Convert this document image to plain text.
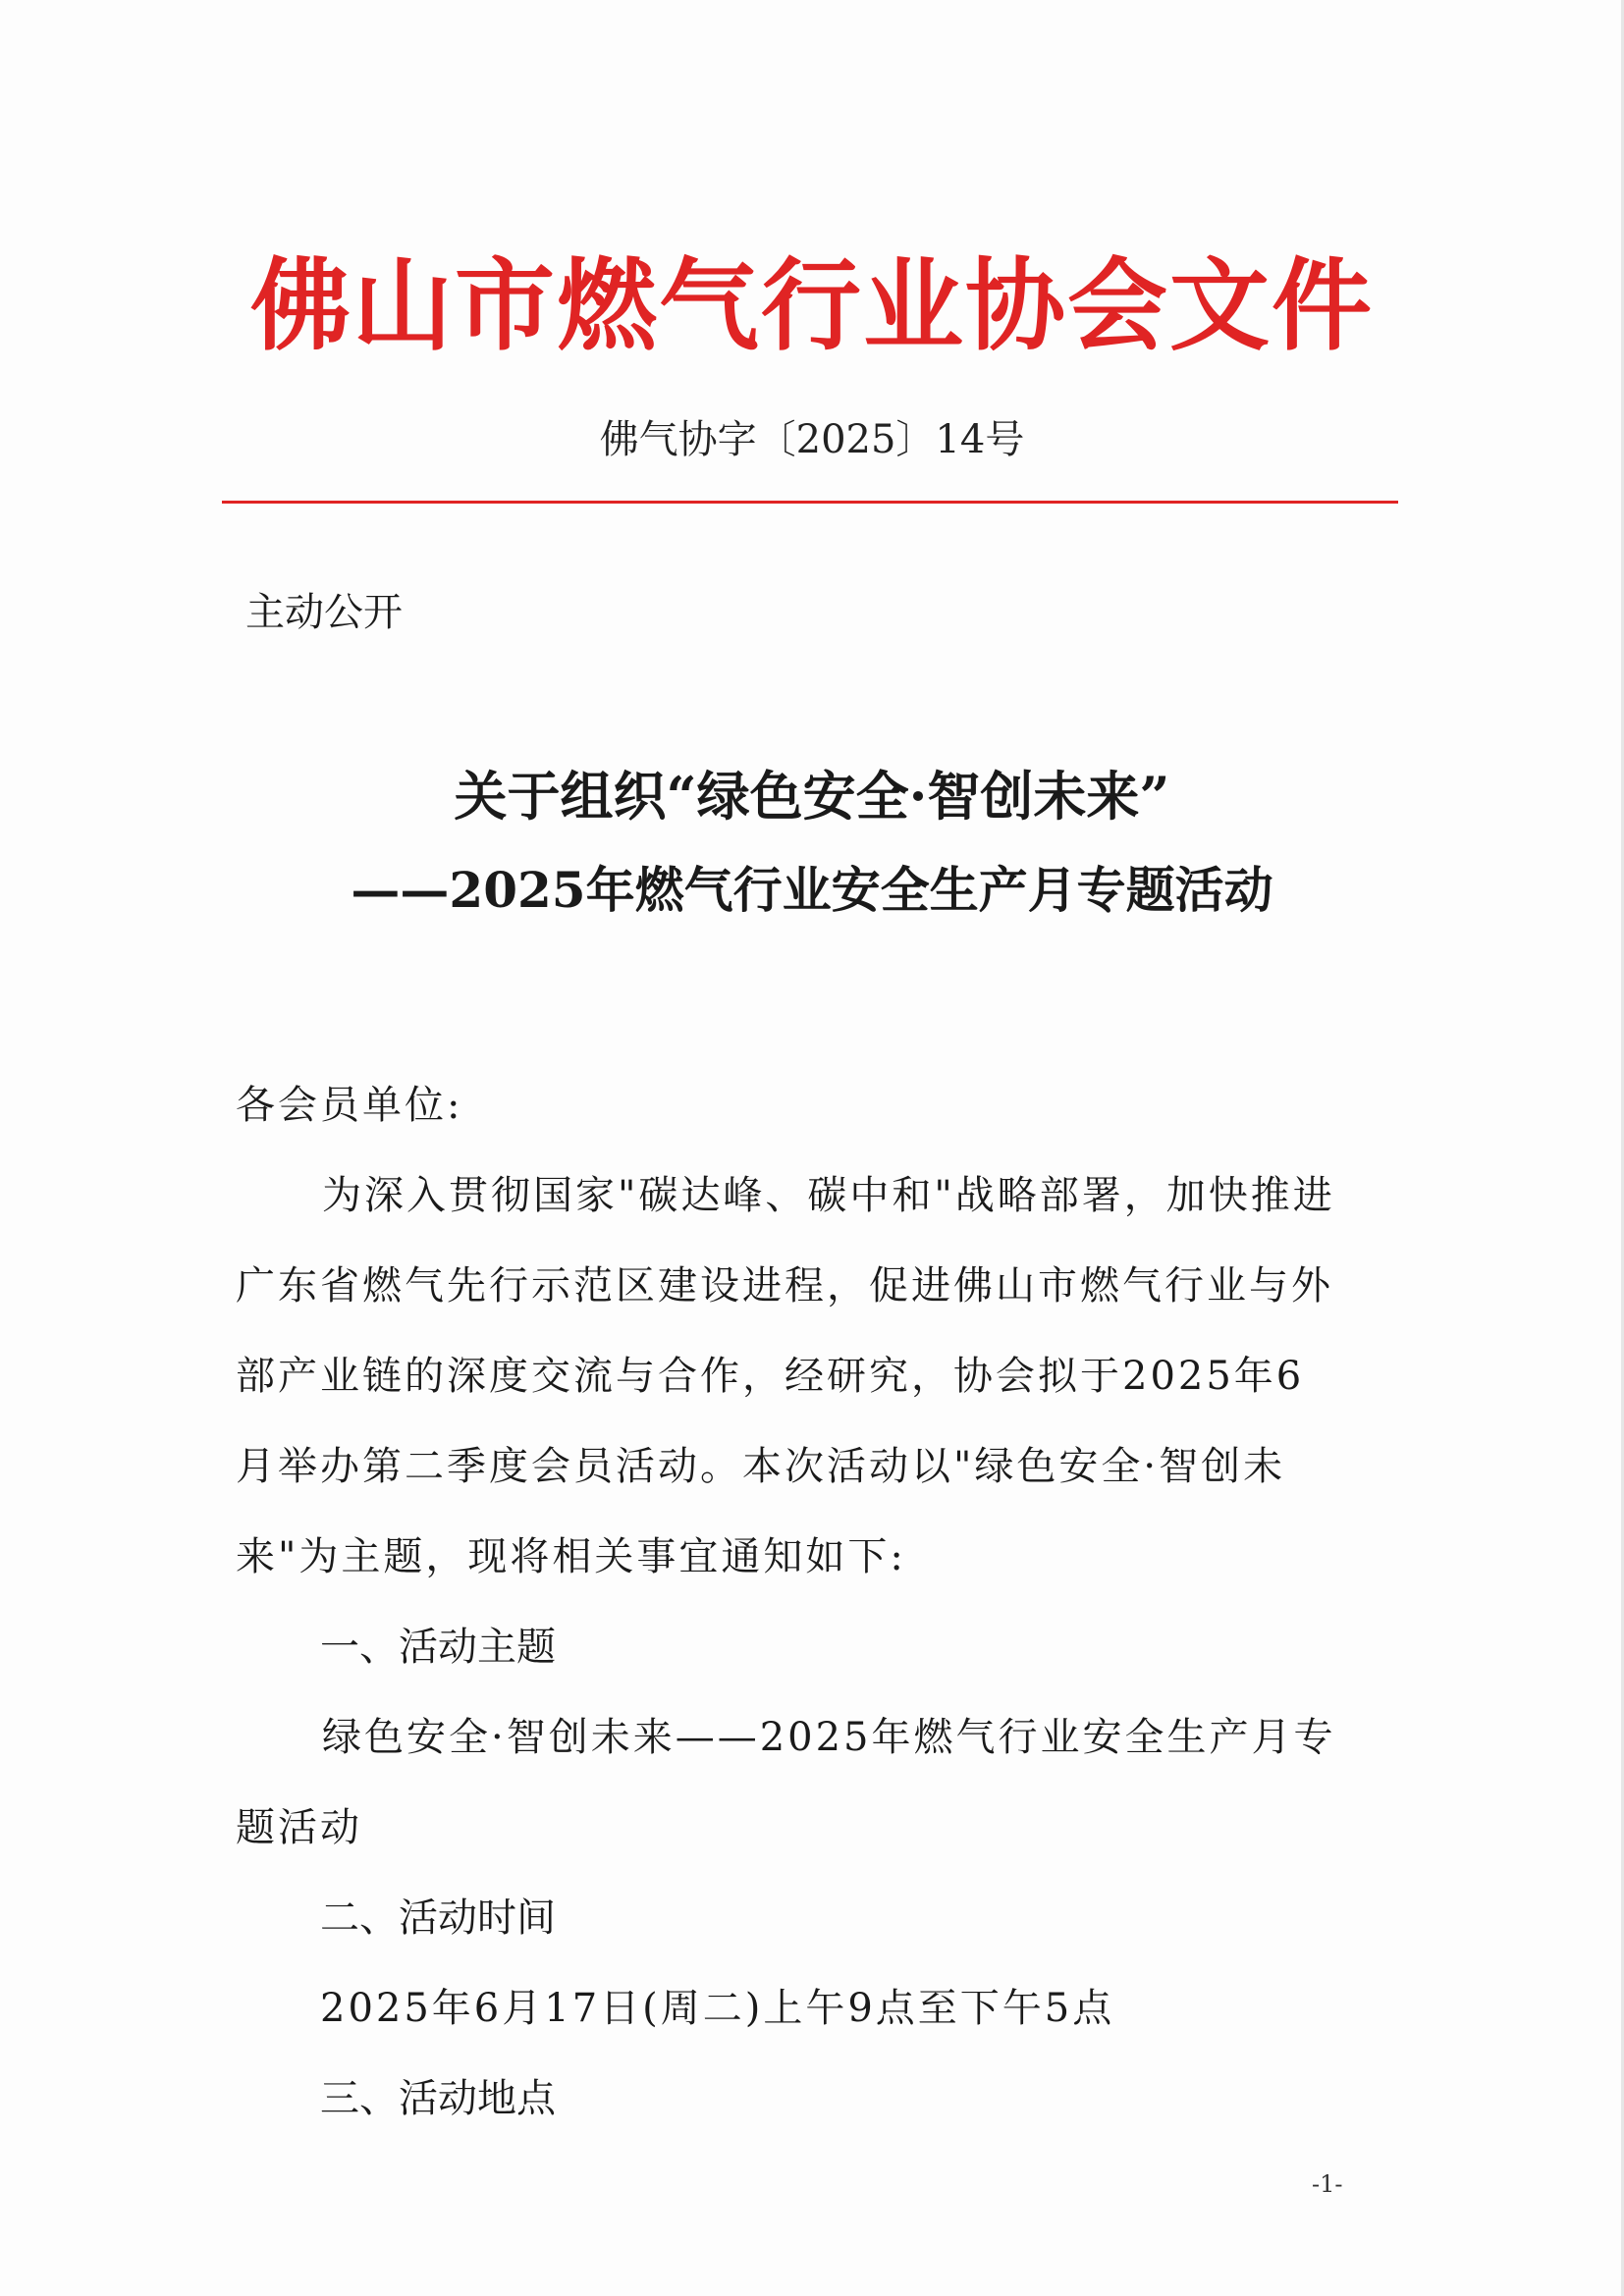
佛山市燃气行业协会文件
佛气协字〔2025〕14号
主动公开
关于组织“绿色安全·智创未来”
——2025年燃气行业安全生产月专题活动
各会员单位:
为深入贯彻国家"碳达峰、碳中和"战略部署，加快推进
广东省燃气先行示范区建设进程，促进佛山市燃气行业与外
部产业链的深度交流与合作，经研究，协会拟于2025年6
月举办第二季度会员活动。本次活动以"绿色安全·智创未
来"为主题，现将相关事宜通知如下:
一、活动主题
绿色安全·智创未来——2025年燃气行业安全生产月专
题活动
二、活动时间
2025年6月17日(周二)上午9点至下午5点
三、活动地点
-1-
